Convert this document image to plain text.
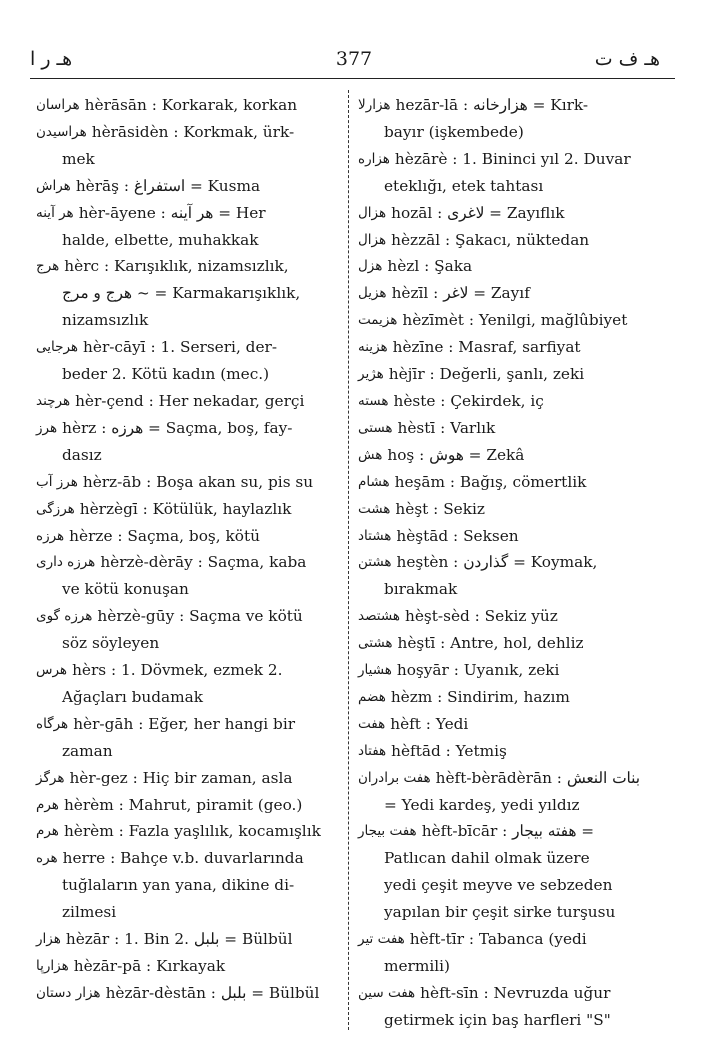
هـ ر ا	377	هـ ف ت
هراسان hèrāsān : Korkarak, korkan
هراسیدن hèrāsidèn : Korkmak, ürk-
mek
هراش hèrāş : استفراغ = Kusma
هر آینه hèr-āyene : هر آینه = Her
halde, elbette, muhakkak
هرج hèrc : Karışıklık, nizamsızlık,
هرج و مرج ~ = Karmakarışıklık,
nizamsızlık
هرجایی hèr-cāyī : 1. Serseri, der-
beder 2. Kötü kadın (mec.)
هرچند hèr-çend : Her nekadar, gerçi
هرز hèrz : هرزه = Saçma, boş, fay-
dasız
هرز آب hèrz-āb : Boşa akan su, pis su
هرزگی hèrzègī : Kötülük, haylazlık
هرزه hèrze : Saçma, boş, kötü
هرزه داری hèrzè-dèrāy : Saçma, kaba
ve kötü konuşan
هرزه گوی hèrzè-gūy : Saçma ve kötü
söz söyleyen
هرس hèrs : 1. Dövmek, ezmek 2.
Ağaçları budamak
هرگاه hèr-gāh : Eğer, her hangi bir
zaman
هرگز hèr-gez : Hiç bir zaman, asla
هرم hèrèm : Mahrut, piramit (geo.)
هرم hèrèm : Fazla yaşlılık, kocamışlık
هره herre : Bahçe v.b. duvarlarında
tuğlaların yan yana, dikine di-
zilmesi
هزار hèzār : 1. Bin 2. بلبل = Bülbül
هزارپا hèzār-pā : Kırkayak
هزار دستان hèzār-dèstān : بلبل = Bülbül
هزارلا hezār-lā : هزارخانه = Kırk-
bayır (işkembede)
هزاره hèzārè : 1. Bininci yıl 2. Duvar
eteklığı, etek tahtası
هزال hozāl : لاغری = Zayıflık
هزال hèzzāl : Şakacı, nüktedan
هزل hèzl : Şaka
هزیل hèzīl : لاغر = Zayıf
هزیمت hèzīmèt : Yenilgi, mağlûbiyet
هزینه hèzīne : Masraf, sarfiyat
هژیر hèjīr : Değerli, şanlı, zeki
هسته hèste : Çekirdek, iç
هستی hèstī : Varlık
هش hoş : هوش = Zekâ
هشام heşām : Bağış, cömertlik
هشت hèşt : Sekiz
هشتاد hèştād : Seksen
هشتن heştèn : گذاردن = Koymak,
bırakmak
هشتصد hèşt-sèd : Sekiz yüz
هشتی hèştī : Antre, hol, dehliz
هشیار hoşyār : Uyanık, zeki
هضم hèzm : Sindirim, hazım
هفت hèft : Yedi
هفتاد hèftād : Yetmiş
هفت برادران hèft-bèrādèrān : بنات النعش
= Yedi kardeş, yedi yıldız
هفت بیجار hèft-bīcār : هفته بیجار =
Patlıcan dahil olmak üzere
yedi çeşit meyve ve sebzeden
yapılan bir çeşit sirke turşusu
هفت تیر hèft-tīr : Tabanca (yedi
mermili)
هفت سین hèft-sīn : Nevruzda uğur
getirmek için baş harfleri "S"
